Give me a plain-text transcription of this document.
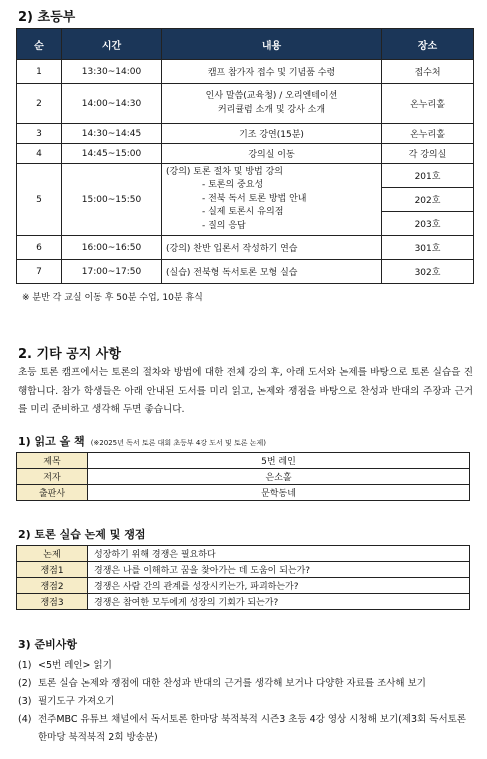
2) 초등부
순	시간	내용	장소
1	13:30~14:00	캠프 참가자 접수 및 기념품 수령	접수처
2	14:00~14:30	인사 말씀(교육청) / 오리엔테이션
커리큘럼 소개 및 강사 소개	온누리홀
3	14:30~14:45	기조 강연(15분)	온누리홀
4	14:45~15:00	강의실 이동	각 강의실
5	15:00~15:50	(강의) 토론 절차 및 방법 강의
- 토론의 중요성
- 전북 독서 토론 방법 안내
- 실제 토론시 유의점
- 질의 응답	201호
			202호
			203호
6	16:00~16:50	(강의) 찬반 입론서 작성하기 연습	301호
7	17:00~17:50	(실습) 전북형 독서토론 모형 실습	302호
※ 분반 각 교실 이동 후 50분 수업, 10분 휴식
2. 기타 공지 사항
초등 토론 캠프에서는 토론의 절차와 방법에 대한 전체 강의 후, 아래 도서와 논제를 바탕으로 토론 실습을 진행합니다. 참가 학생들은 아래 안내된 도서를 미리 읽고, 논제와 쟁점을 바탕으로 찬성과 반대의 주장과 근거를 미리 준비하고 생각해 두면 좋습니다.
1) 읽고 올 책 (※2025년 독서 토론 대회 초등부 4강 도서 및 토론 논제)
제목	5번 레인
저자	은소홀
출판사	문학동네
2) 토론 실습 논제 및 쟁점
논제	성장하기 위해 경쟁은 필요하다
쟁점1	경쟁은 나를 이해하고 꿈을 찾아가는 데 도움이 되는가?
쟁점2	경쟁은 사람 간의 관계를 성장시키는가, 파괴하는가?
쟁점3	경쟁은 참여한 모두에게 성장의 기회가 되는가?
3) 준비사항
(1) <5번 레인> 읽기
(2) 토론 실습 논제와 쟁점에 대한 찬성과 반대의 근거를 생각해 보거나 다양한 자료를 조사해 보기
(3) 필기도구 가져오기
(4) 전주MBC 유튜브 채널에서 독서토론 한마당 북적북적 시즌3 초등 4강 영상 시청해 보기(제3회 독서토론 한마당 북적북적 2회 방송분)
